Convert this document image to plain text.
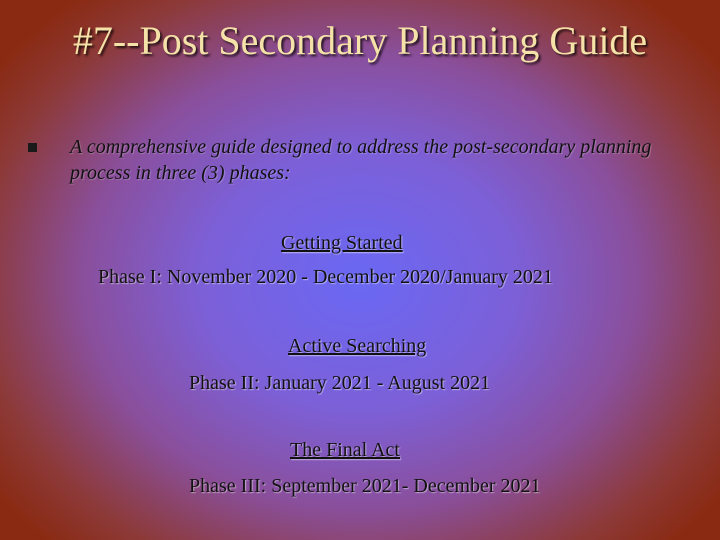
#7--Post Secondary Planning Guide
A comprehensive guide designed to address the post-secondary planning process in three (3) phases:
Getting Started
Phase I: November 2020 - December 2020/January 2021
Active Searching
Phase II: January 2021 - August 2021
The Final Act
Phase III: September 2021- December 2021
